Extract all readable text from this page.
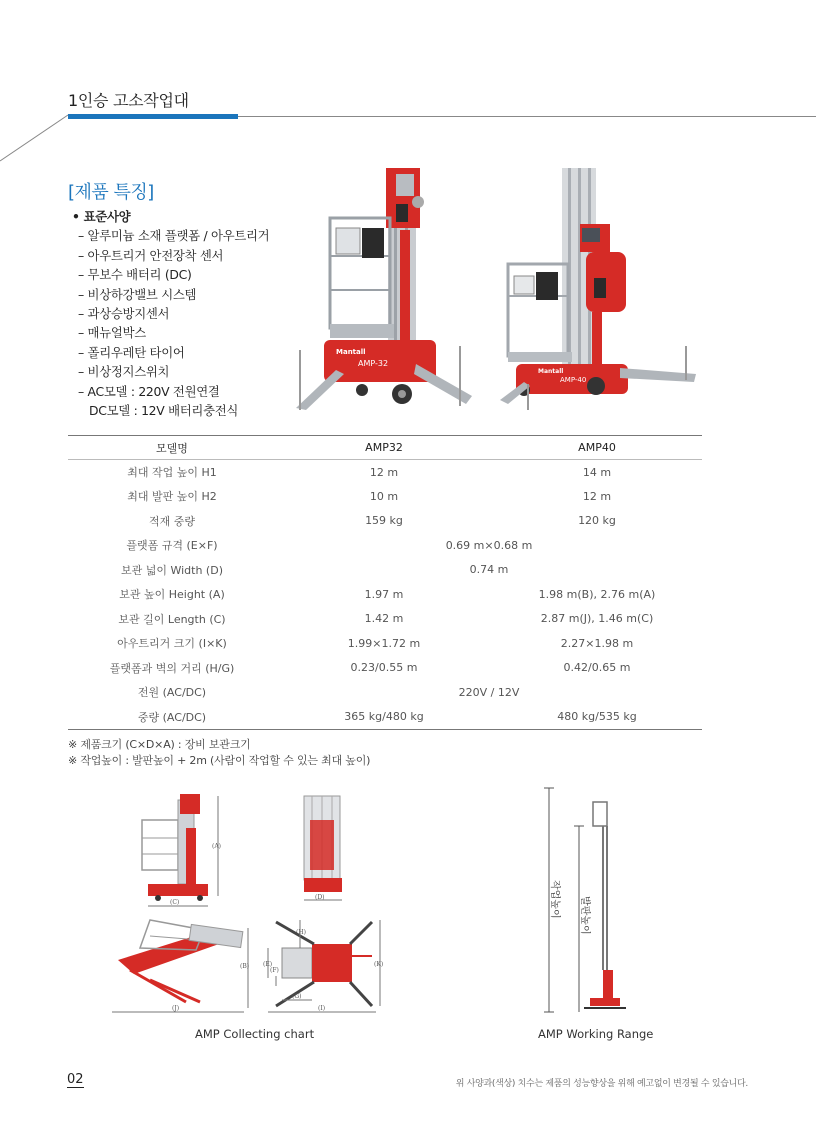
1인승 고소작업대
[제품 특징]
• 표준사양
– 알루미늄 소재 플랫폼 / 아우트리거
– 아우트리거 안전장착 센서
– 무보수 배터리 (DC)
– 비상하강밸브 시스템
– 과상승방지센서
– 매뉴얼박스
– 폴리우레탄 타이어
– 비상정지스위치
– AC모델 : 220V 전원연결
DC모델 : 12V 배터리충전식
Mantall
AMP-32
Mantall
AMP-40
모델명	AMP32	AMP40
최대 작업 높이 H1	12 m	14 m
최대 발판 높이 H2	10 m	12 m
적재 중량	159 kg	120 kg
플랫폼 규격 (E×F)	0.69 m×0.68 m	
보관 넓이 Width (D)	0.74 m	
보관 높이 Height (A)	1.97 m	1.98 m(B), 2.76 m(A)
보관 길이 Length (C)	1.42 m	2.87 m(J), 1.46 m(C)
아우트리거 크기 (I×K)	1.99×1.72 m	2.27×1.98 m
플랫폼과 벽의 거리 (H/G)	0.23/0.55 m	0.42/0.65 m
전원 (AC/DC)	220V / 12V	
중량 (AC/DC)	365 kg/480 kg	480 kg/535 kg
※ 제품크기 (C×D×A) : 장비 보관크기
※ 작업높이 : 발판높이 + 2m (사람이 작업할 수 있는 최대 높이)
(A)
(C)
(D)
(B)
(J)
(E)
(H)
(F)
(G)
(I)
(K)
작업높이 발판높이
AMP Collecting chart	AMP Working Range
02	위 사양과(색상) 치수는 제품의 성능향상을 위해 예고없이 변경될 수 있습니다.
